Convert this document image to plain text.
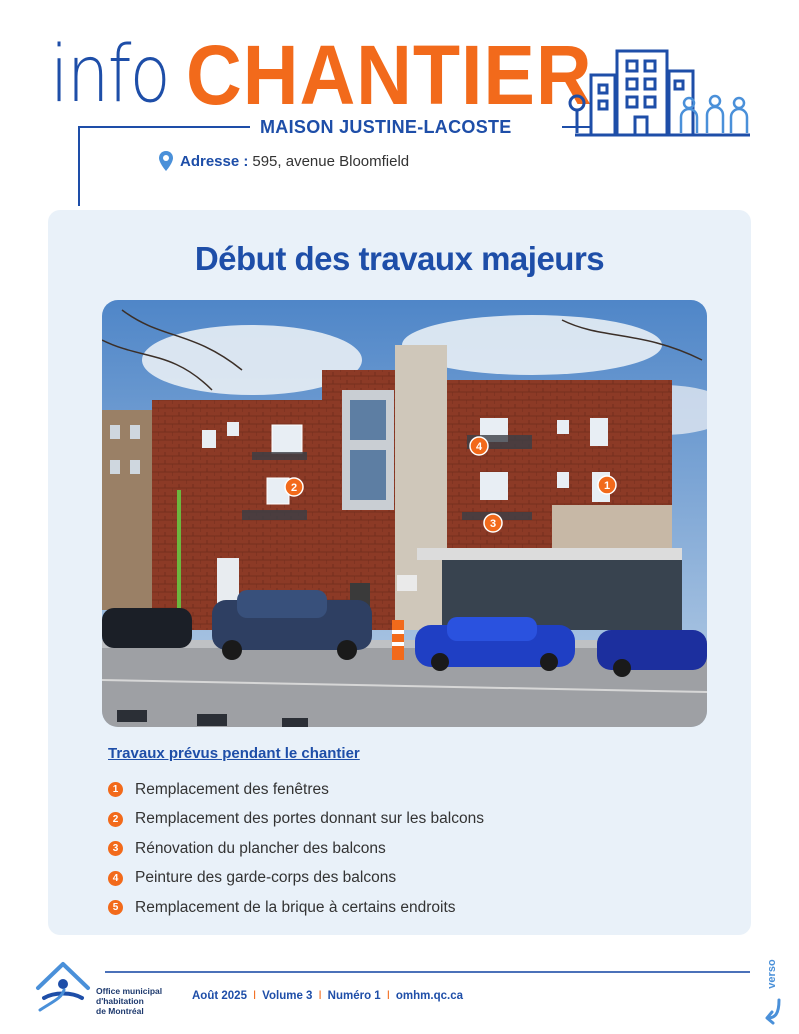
info CHANTIER
MAISON JUSTINE-LACOSTE
Adresse : 595, avenue Bloomfield
Début des travaux majeurs
1
2
3
4
Travaux prévus pendant le chantier
1	Remplacement des fenêtres
2	Remplacement des portes donnant sur les balcons
3	Rénovation du plancher des balcons
4	Peinture des garde-corps des balcons
5	Remplacement de la brique à certains endroits
Office municipal
d'habitation
de Montréal
Août 2025 I Volume 3 I Numéro 1 I omhm.qc.ca
verso
